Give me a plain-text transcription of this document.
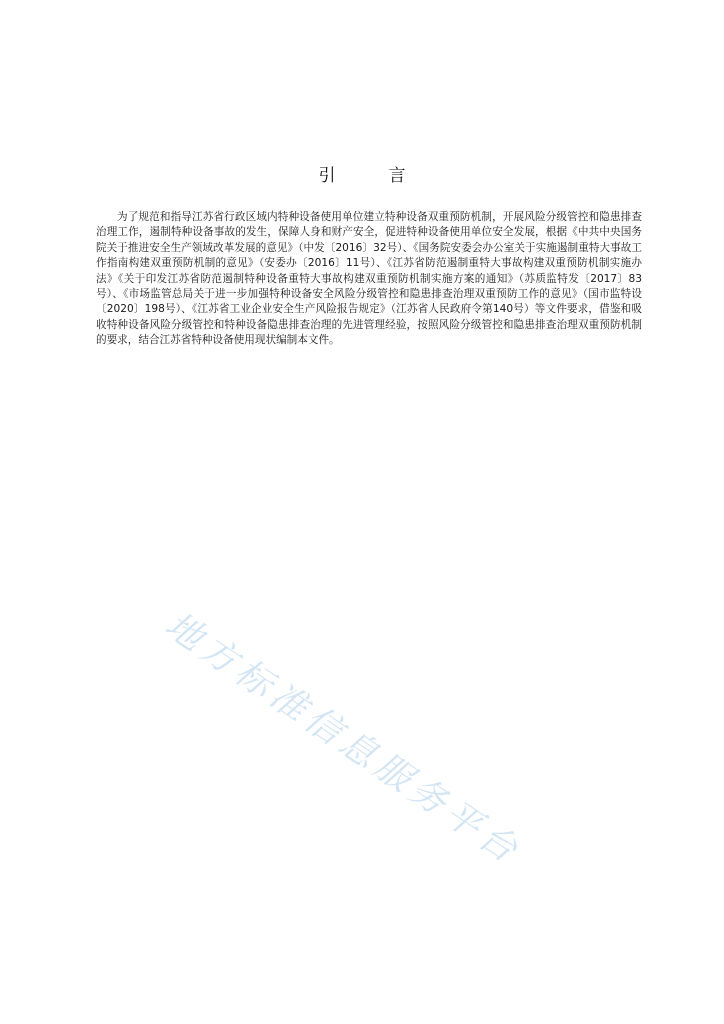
引　言
为了规范和指导江苏省行政区域内特种设备使用单位建立特种设备双重预防机制，开展风险分级管控和隐患排查治理工作，遏制特种设备事故的发生，保障人身和财产安全，促进特种设备使用单位安全发展，根据《中共中央国务院关于推进安全生产领域改革发展的意见》（中发〔2016〕32号）、《国务院安委会办公室关于实施遏制重特大事故工作指南构建双重预防机制的意见》（安委办〔2016〕11号）、《江苏省防范遏制重特大事故构建双重预防机制实施办法》《关于印发江苏省防范遏制特种设备重特大事故构建双重预防机制实施方案的通知》（苏质监特发〔2017〕83号）、《市场监管总局关于进一步加强特种设备安全风险分级管控和隐患排查治理双重预防工作的意见》（国市监特设〔2020〕198号）、《江苏省工业企业安全生产风险报告规定》（江苏省人民政府令第140号）等文件要求，借鉴和吸收特种设备风险分级管控和特种设备隐患排查治理的先进管理经验，按照风险分级管控和隐患排查治理双重预防机制的要求，结合江苏省特种设备使用现状编制本文件。
地方标准信息服务平台
